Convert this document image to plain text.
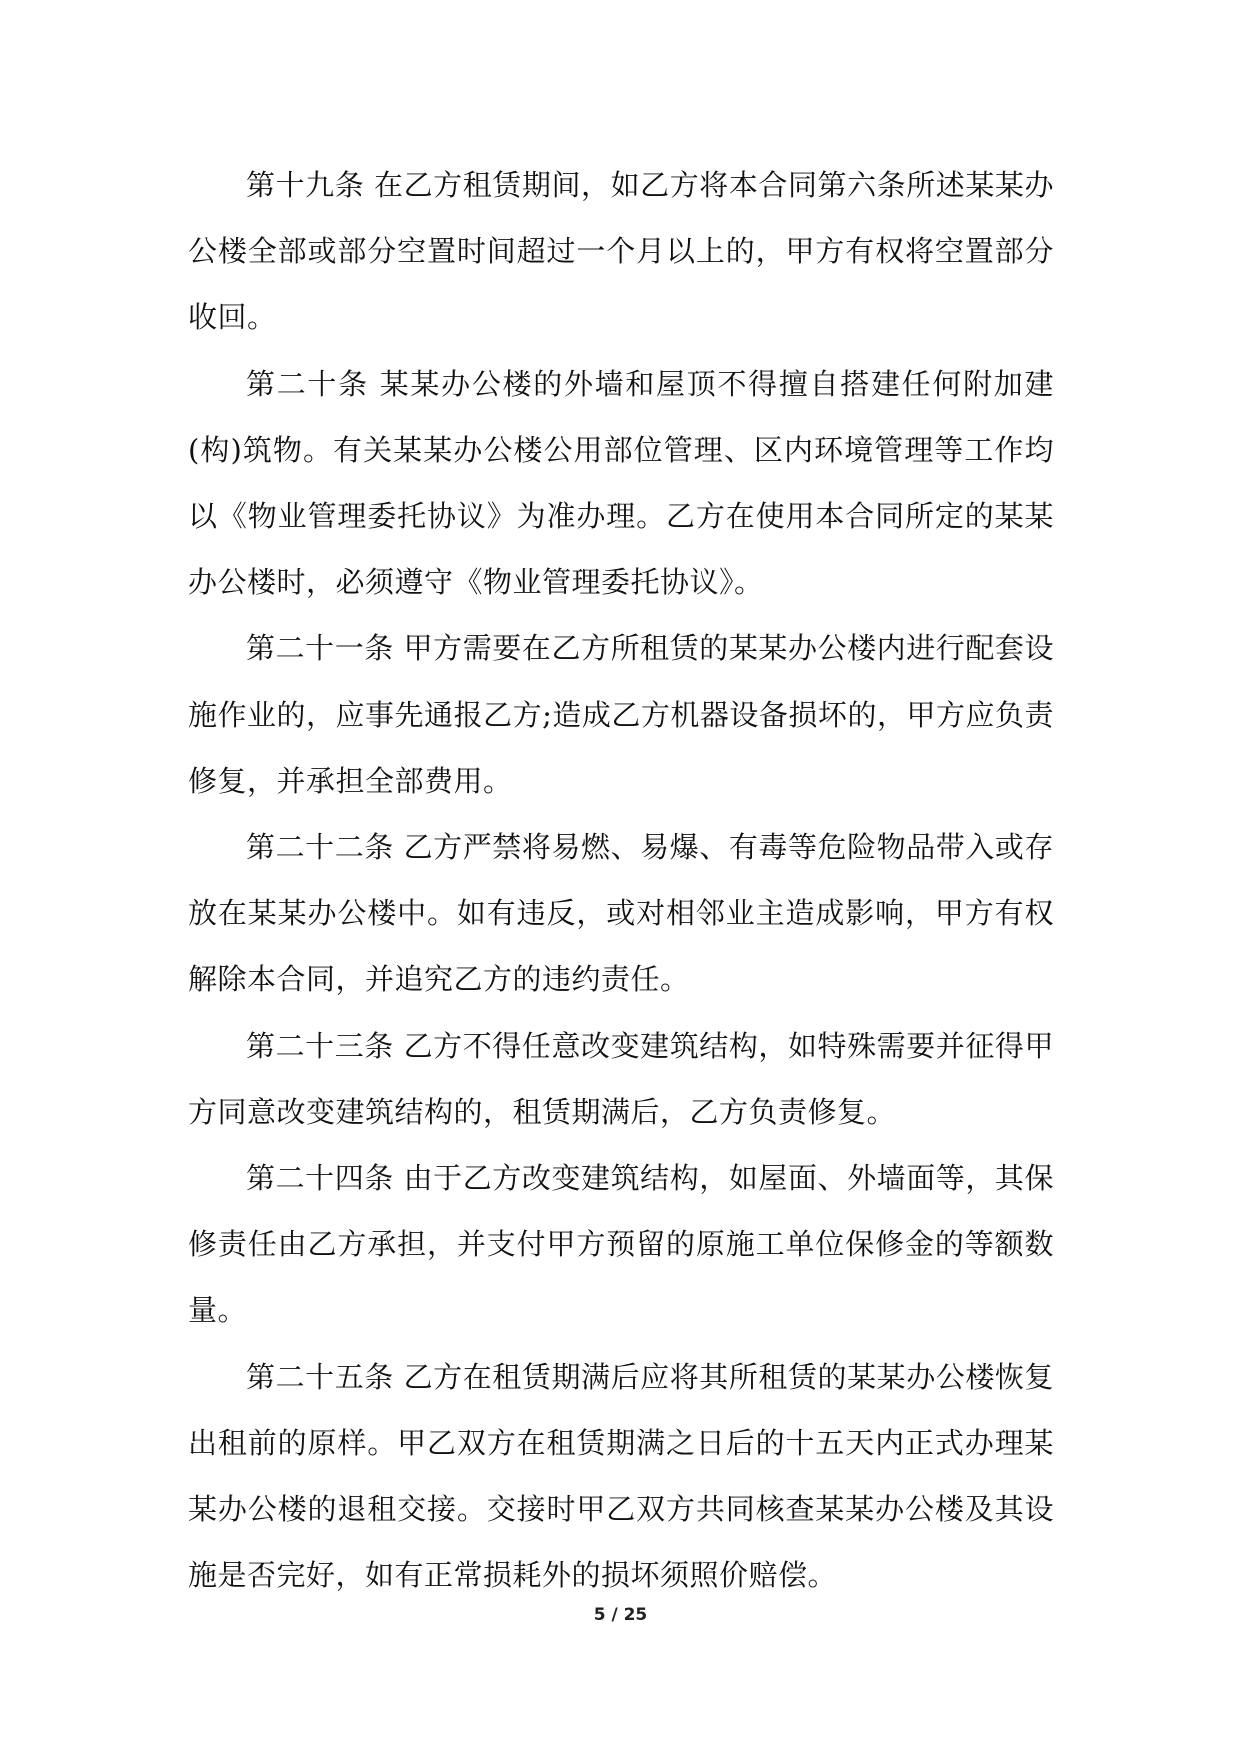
第十九条 在乙方租赁期间，如乙方将本合同第六条所述某某办公楼全部或部分空置时间超过一个月以上的，甲方有权将空置部分收回。

第二十条 某某办公楼的外墙和屋顶不得擅自搭建任何附加建(构)筑物。有关某某办公楼公用部位管理、区内环境管理等工作均以《物业管理委托协议》为准办理。乙方在使用本合同所定的某某办公楼时，必须遵守《物业管理委托协议》。

第二十一条 甲方需要在乙方所租赁的某某办公楼内进行配套设施作业的，应事先通报乙方;造成乙方机器设备损坏的，甲方应负责修复，并承担全部费用。

第二十二条 乙方严禁将易燃、易爆、有毒等危险物品带入或存放在某某办公楼中。如有违反，或对相邻业主造成影响，甲方有权解除本合同，并追究乙方的违约责任。

第二十三条 乙方不得任意改变建筑结构，如特殊需要并征得甲方同意改变建筑结构的，租赁期满后，乙方负责修复。

第二十四条 由于乙方改变建筑结构，如屋面、外墙面等，其保修责任由乙方承担，并支付甲方预留的原施工单位保修金的等额数量。

第二十五条 乙方在租赁期满后应将其所租赁的某某办公楼恢复出租前的原样。甲乙双方在租赁期满之日后的十五天内正式办理某某办公楼的退租交接。交接时甲乙双方共同核查某某办公楼及其设施是否完好，如有正常损耗外的损坏须照价赔偿。

5 / 25
